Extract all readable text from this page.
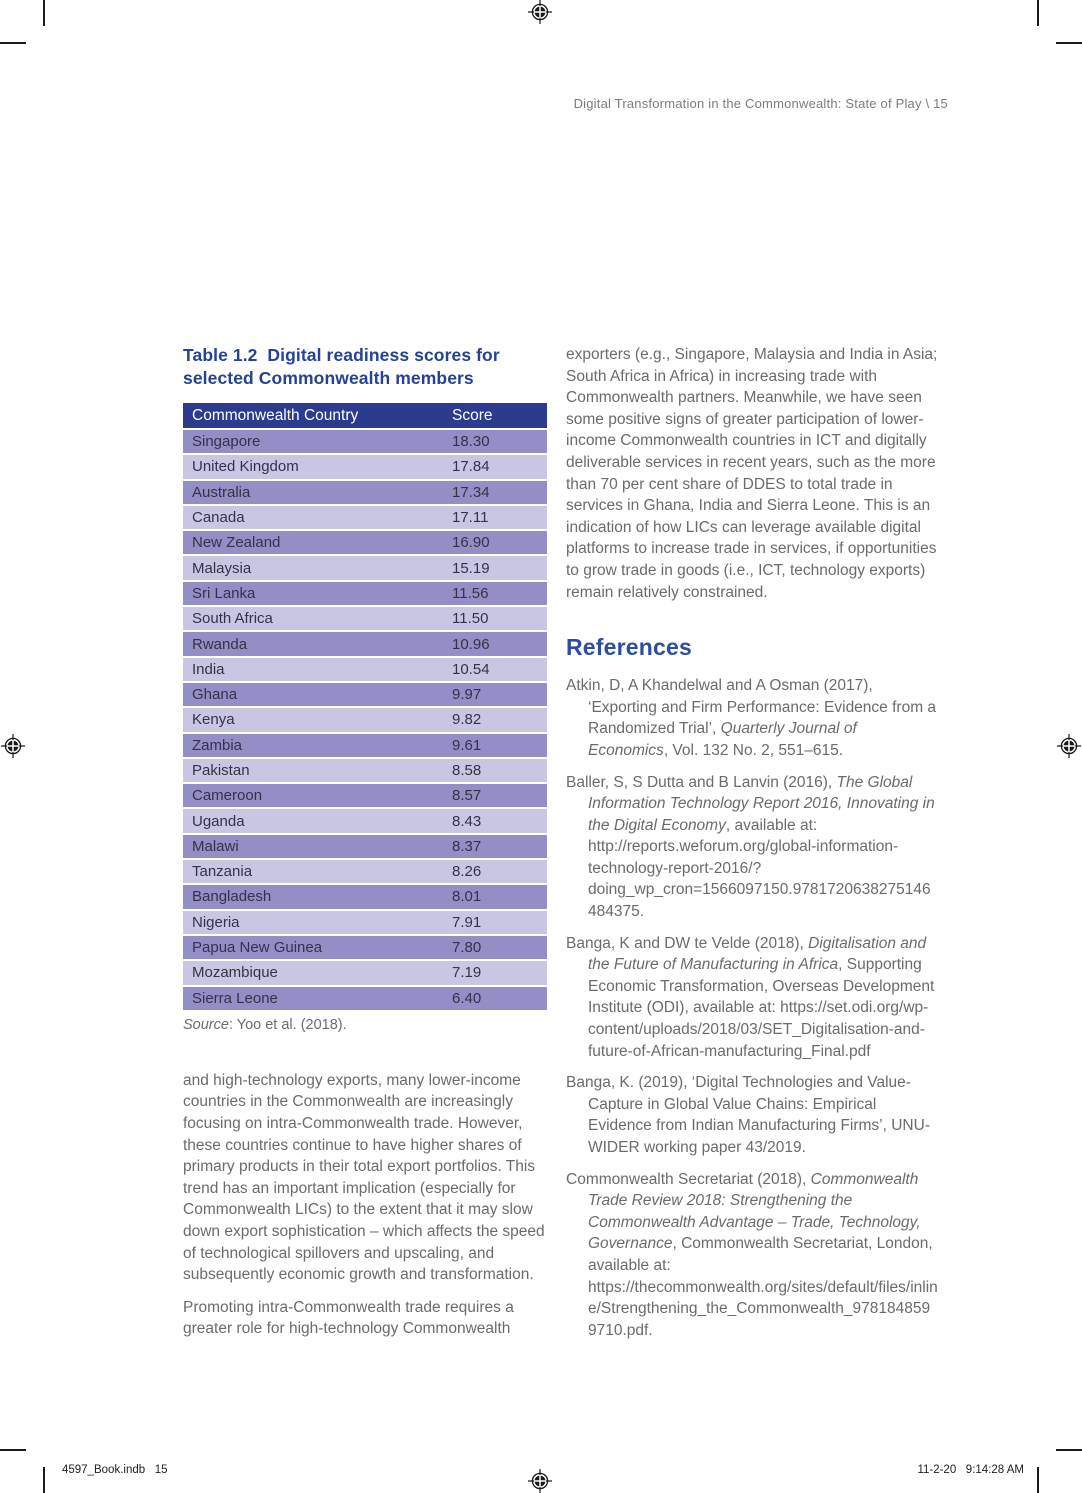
Digital Transformation in the Commonwealth: State of Play \ 15
Table 1.2  Digital readiness scores for selected Commonwealth members
Commonwealth Country	Score
Singapore	18.30
United Kingdom	17.84
Australia	17.34
Canada	17.11
New Zealand	16.90
Malaysia	15.19
Sri Lanka	11.56
South Africa	11.50
Rwanda	10.96
India	10.54
Ghana	9.97
Kenya	9.82
Zambia	9.61
Pakistan	8.58
Cameroon	8.57
Uganda	8.43
Malawi	8.37
Tanzania	8.26
Bangladesh	8.01
Nigeria	7.91
Papua New Guinea	7.80
Mozambique	7.19
Sierra Leone	6.40

Source: Yoo et al. (2018).

and high-technology exports, many lower-income countries in the Commonwealth are increasingly focusing on intra-Commonwealth trade. However, these countries continue to have higher shares of primary products in their total export portfolios. This trend has an important implication (especially for Commonwealth LICs) to the extent that it may slow down export sophistication – which affects the speed of technological spillovers and upscaling, and subsequently economic growth and transformation.

Promoting intra-Commonwealth trade requires a greater role for high-technology Commonwealth

exporters (e.g., Singapore, Malaysia and India in Asia; South Africa in Africa) in increasing trade with Commonwealth partners. Meanwhile, we have seen some positive signs of greater participation of lower-income Commonwealth countries in ICT and digitally deliverable services in recent years, such as the more than 70 per cent share of DDES to total trade in services in Ghana, India and Sierra Leone. This is an indication of how LICs can leverage available digital platforms to increase trade in services, if opportunities to grow trade in goods (i.e., ICT, technology exports) remain relatively constrained.

References

Atkin, D, A Khandelwal and A Osman (2017), ‘Exporting and Firm Performance: Evidence from a Randomized Trial’, Quarterly Journal of Economics, Vol. 132 No. 2, 551–615.

Baller, S, S Dutta and B Lanvin (2016), The Global Information Technology Report 2016, Innovating in the Digital Economy, available at: http://reports.weforum.org/global-information-technology-report-2016/?doing_wp_cron=1566097150.9781720638275146484375.

Banga, K and DW te Velde (2018), Digitalisation and the Future of Manufacturing in Africa, Supporting Economic Transformation, Overseas Development Institute (ODI), available at: https://set.odi.org/wp-content/uploads/2018/03/SET_Digitalisation-and-future-of-African-manufacturing_Final.pdf

Banga, K. (2019), ‘Digital Technologies and Value-Capture in Global Value Chains: Empirical Evidence from Indian Manufacturing Firms’, UNU-WIDER working paper 43/2019.

Commonwealth Secretariat (2018), Commonwealth Trade Review 2018: Strengthening the Commonwealth Advantage – Trade, Technology, Governance, Commonwealth Secretariat, London, available at: https://thecommonwealth.org/sites/default/files/inline/Strengthening_the_Commonwealth_9781848599710.pdf.

4597_Book.indb   15	11-2-20   9:14:28 AM
